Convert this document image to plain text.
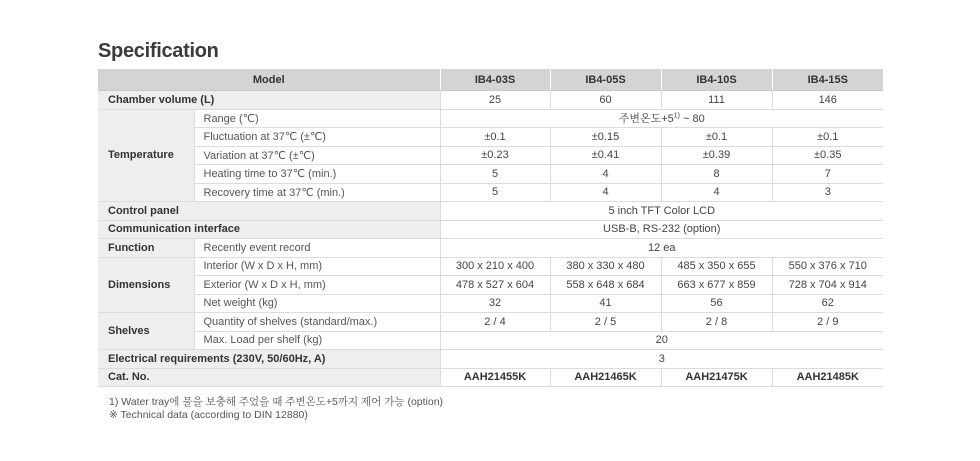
Specification
Model		IB4-03S	IB4-05S	IB4-10S	IB4-15S
Chamber volume (L)		25	60	111	146
Temperature	Range (℃)	주변온도$+5^{1)}$ ~ 80			
	Fluctuation at 37℃ (±℃)	±0.1	±0.15	±0.1	±0.1
	Variation at 37℃ (±℃)	±0.23	±0.41	±0.39	±0.35
	Heating time to 37℃ (min.)	5	4	8	7
	Recovery time at 37℃ (min.)	5	4	4	3
Control panel		5 inch TFT Color LCD			
Communication interface		USB-B, RS-232 (option)			
Function	Recently event record	12 ea			
Dimensions	Interior (W x D x H, mm)	300 x 210 x 400	380 x 330 x 480	485 x 350 x 655	550 x 376 x 710
	Exterior (W x D x H, mm)	478 x 527 x 604	558 x 648 x 684	663 x 677 x 859	728 x 704 x 914
	Net weight (kg)	32	41	56	62
Shelves	Quantity of shelves (standard/max.)	2 / 4	2 / 5	2 / 8	2 / 9
	Max. Load per shelf (kg)	20			
Electrical requirements (230V, 50/60Hz, A)		3			
Cat. No.		AAH21455K	AAH21465K	AAH21475K	AAH21485K
1) Water tray에 물을 보충해 주었을 때 주변온도+5까지 제어 가능 (option)
※ Technical data (according to DIN 12880)
